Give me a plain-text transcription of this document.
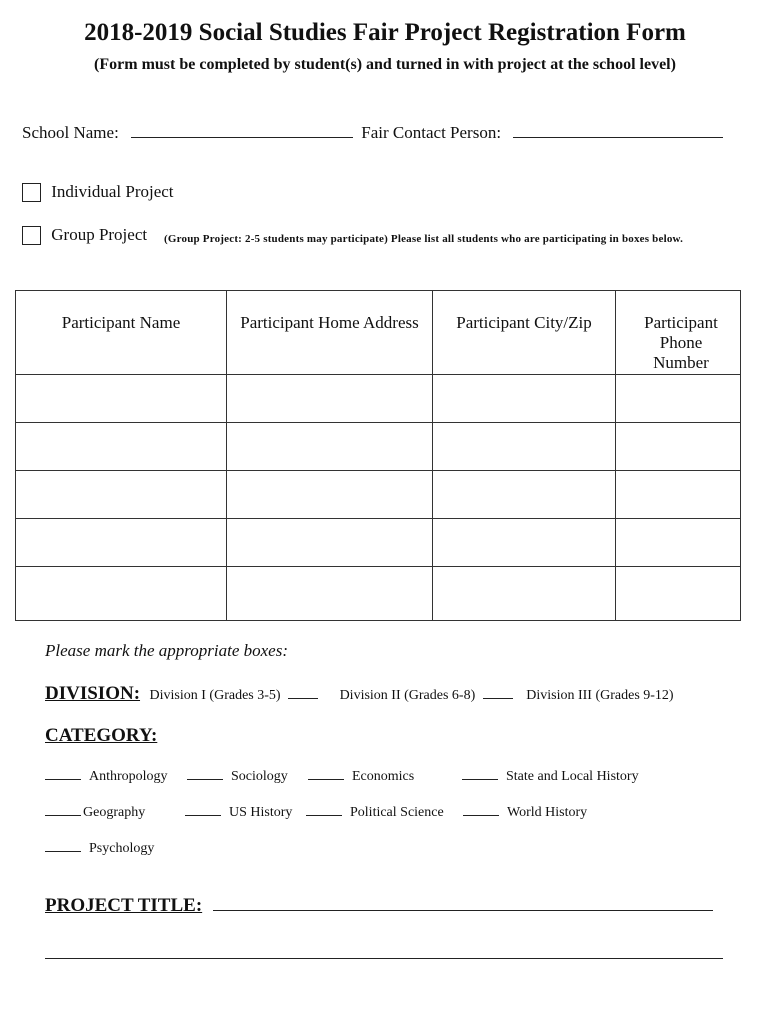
2018-2019 Social Studies Fair Project Registration Form
(Form must be completed by student(s) and turned in with project at the school level)
School Name:	Fair Contact Person:
Individual Project
Group Project (Group Project: 2-5 students may participate) Please list all students who are participating in boxes below.
Participant Name	Participant Home Address	Participant City/Zip	Participant Phone Number

Please mark the appropriate boxes:
DIVISION: Division I (Grades 3-5)	Division II (Grades 6-8)	Division III (Grades 9-12)
CATEGORY:
Anthropology	Sociology	Economics	State and Local History
Geography	US History	Political Science	World History
Psychology
PROJECT TITLE:
